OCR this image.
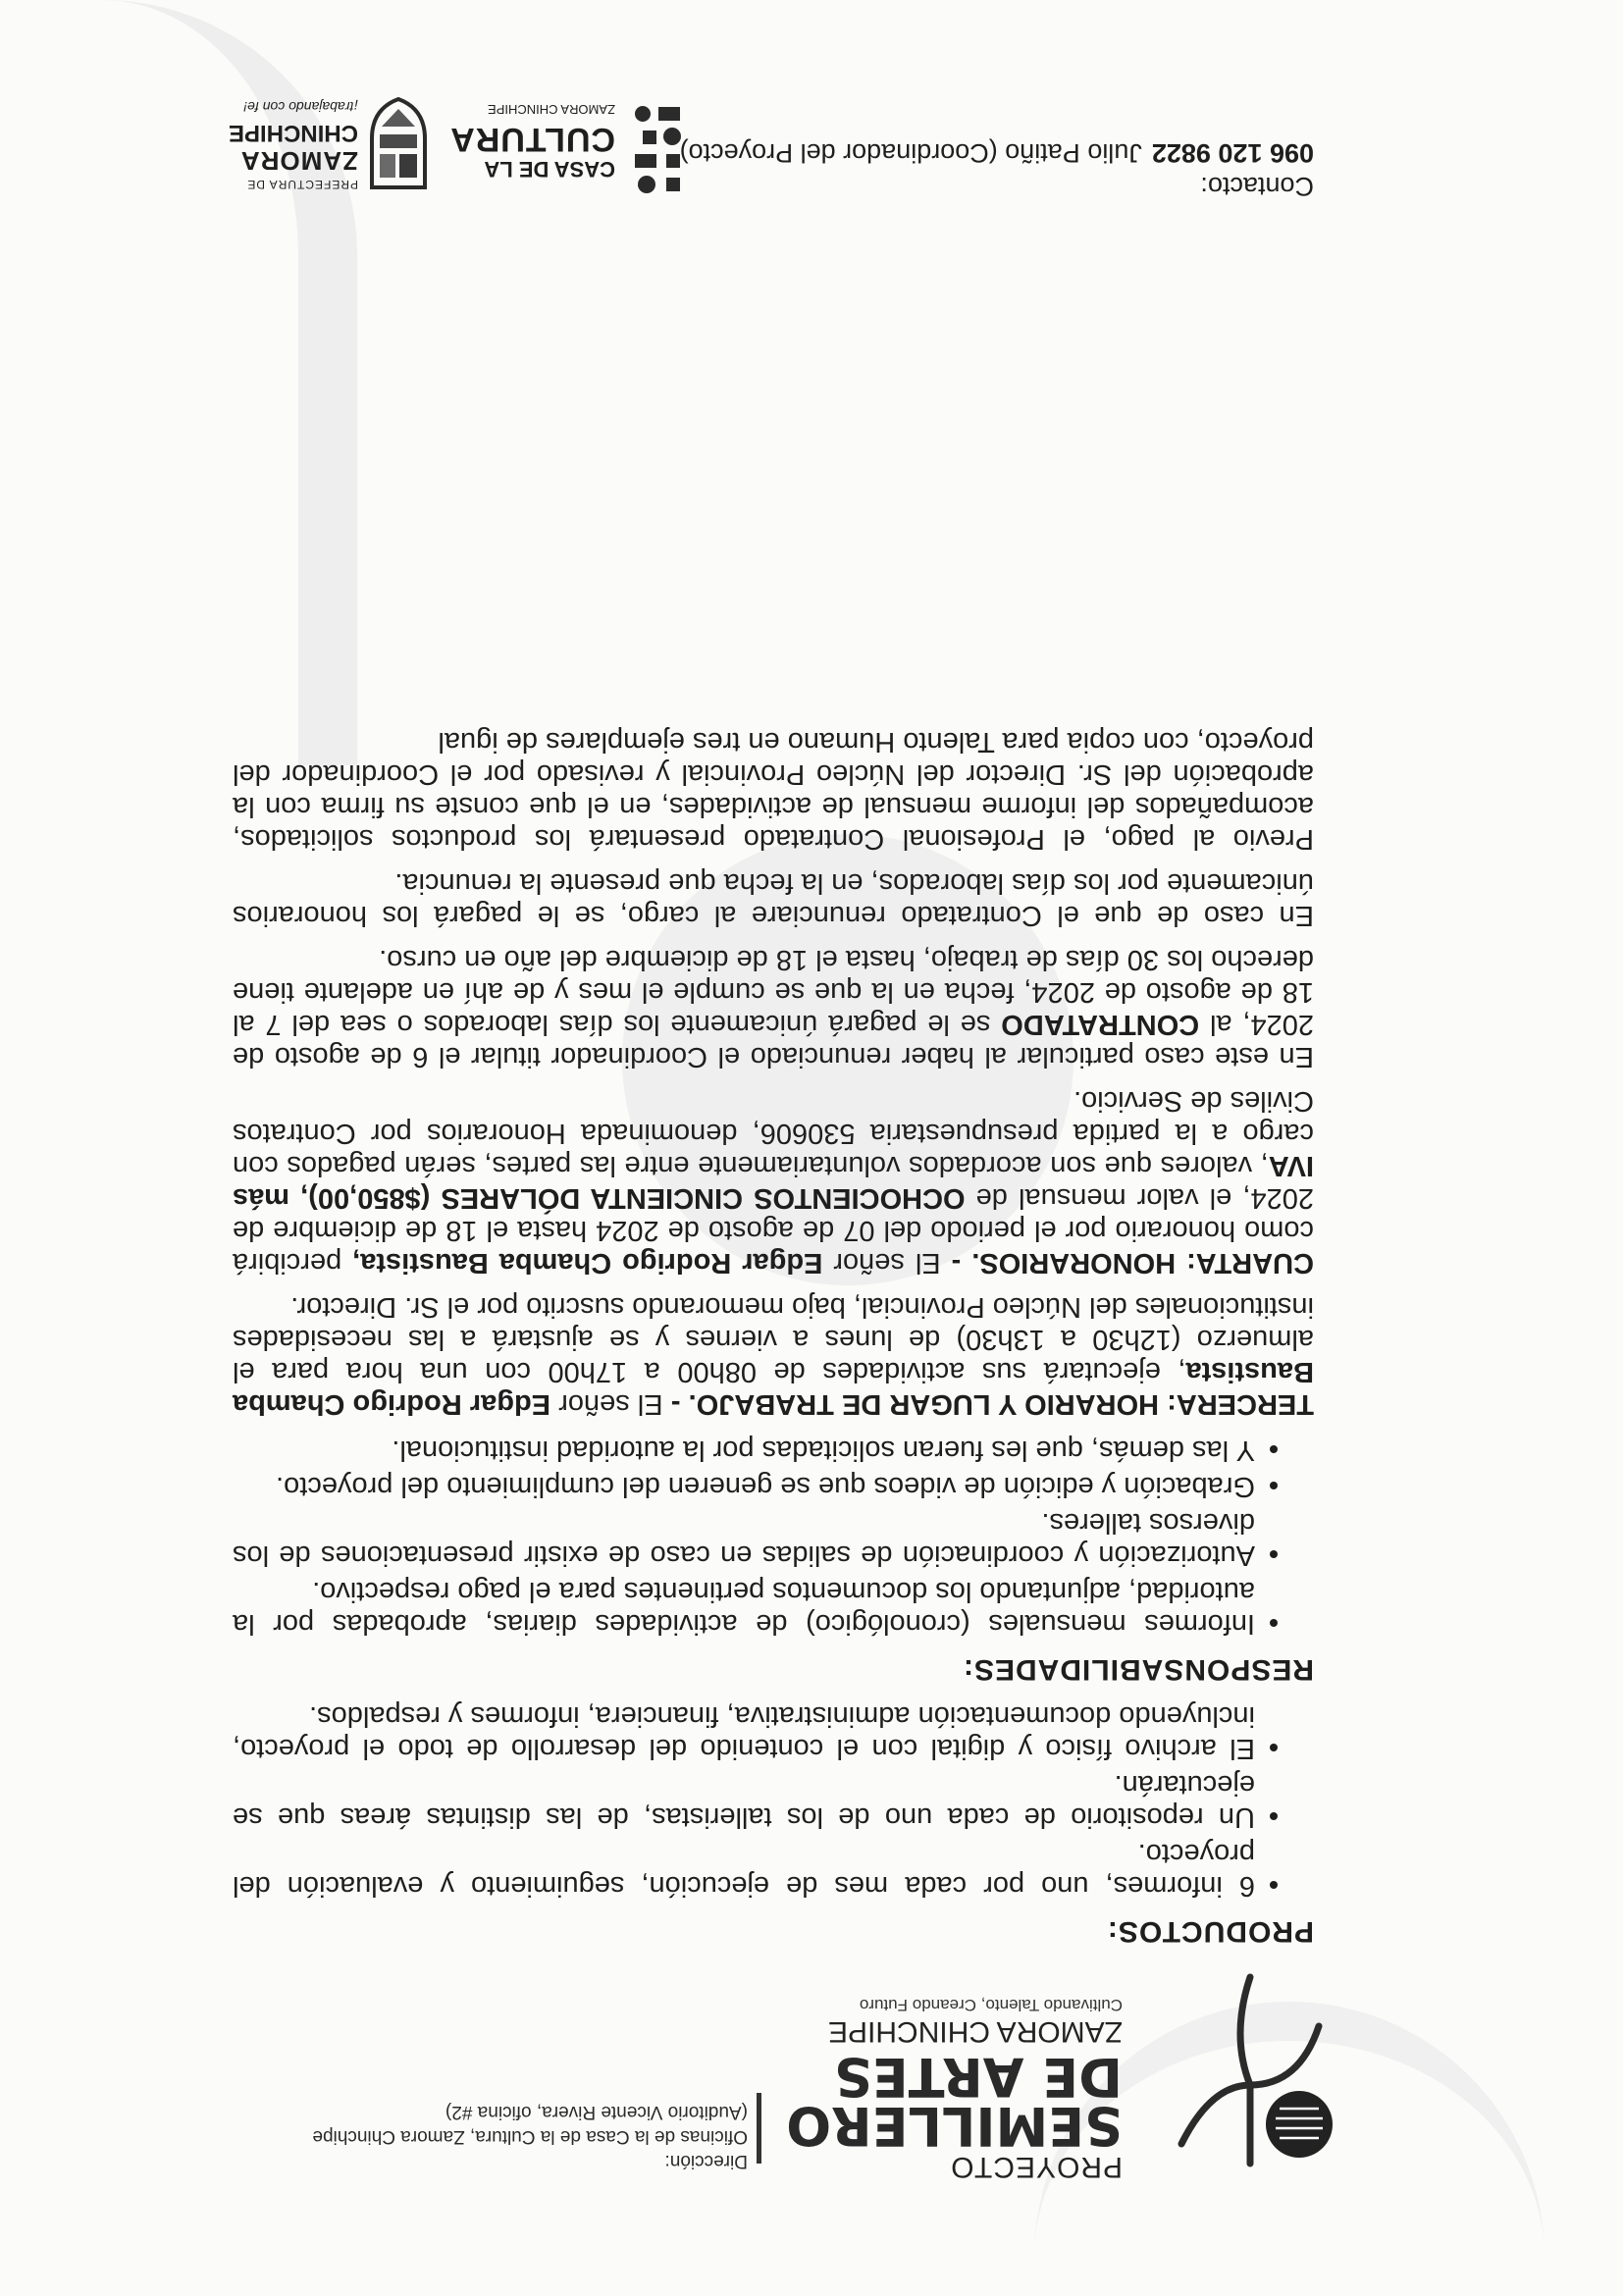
PROYECTO
SEMILLERO
DE ARTES
ZAMORA CHINCHIPE
Cultivando Talento, Creando Futuro
Dirección:
Oficinas de la Casa de la Cultura, Zamora Chinchipe
(Auditorio Vicente Rivera, oficina #2)
PRODUCTOS:
• 6 informes, uno por cada mes de ejecución, seguimiento y evaluación del proyecto.
• Un repositorio de cada uno de los talleristas, de las distintas áreas que se ejecutarán.
• El archivo físico y digital con el contenido del desarrollo de todo el proyecto, incluyendo documentación administrativa, financiera, informes y respaldos.
RESPONSABILIDADES:
• Informes mensuales (cronológico) de actividades diarias, aprobadas por la autoridad, adjuntando los documentos pertinentes para el pago respectivo.
• Autorización y coordinación de salidas en caso de existir presentaciones de los diversos talleres.
• Grabación y edición de videos que se generen del cumplimiento del proyecto.
• Y las demás, que les fueran solicitadas por la autoridad institucional.

TERCERA: HORARIO Y LUGAR DE TRABAJO. - El señor Edgar Rodrigo Chamba Baustista, ejecutará sus actividades de 08h00 a 17h00 con una hora para el almuerzo (12h30 a 13h30) de lunes a viernes y se ajustará a las necesidades institucionales del Núcleo Provincial, bajo memorando suscrito por el Sr. Director.

CUARTA: HONORARIOS. - El señor Edgar Rodrigo Chamba Baustista, percibirá como honorario por el periodo del 07 de agosto de 2024 hasta el 18 de diciembre de 2024, el valor mensual de OCHOCIENTOS CINCIENTA DÓLARES ($850,00), más IVA, valores que son acordados voluntariamente entre las partes, serán pagados con cargo a la partida presupuestaria 530606, denominada Honorarios por Contratos Civiles de Servicio.

En este caso particular al haber renunciado el Coordinador titular el 6 de agosto de 2024, al CONTRATADO se le pagará únicamente los días laborados o sea del 7 al 18 de agosto de 2024, fecha en la que se cumple el mes y de ahí en adelante tiene derecho los 30 días de trabajo, hasta el 18 de diciembre del año en curso.

En caso de que el Contratado renunciare al cargo, se le pagará los honorarios únicamente por los días laborados, en la fecha que presente la renuncia.

Previo al pago, el Profesional Contratado presentará los productos solicitados, acompañados del informe mensual de actividades, en el que conste su firma con la aprobación del Sr. Director del Núcleo Provincial y revisado por el Coordinador del proyecto, con copia para Talento Humano en tres ejemplares de igual

Contacto:
096 120 9822Julio Patiño (Coordinador del Proyecto)
CASA DE LA
CULTURA
ZAMORA CHINCHIPE
PREFECTURA DE
ZAMORA
CHINCHIPE
¡trabajando con fe!
